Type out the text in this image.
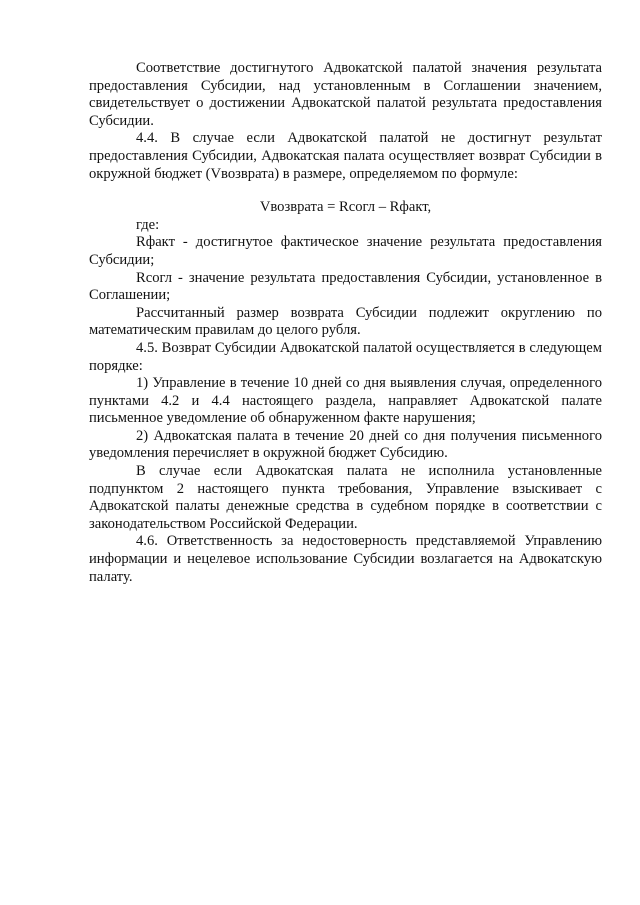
Соответствие достигнутого Адвокатской палатой значения результата предоставления Субсидии, над установленным в Соглашении значением, свидетельствует о достижении Адвокатской палатой результата предоставления Субсидии.

4.4. В случае если Адвокатской палатой не достигнут результат предоставления Субсидии, Адвокатская палата осуществляет возврат Субсидии в окружной бюджет (Vвозврата) в размере, определяемом по формуле:

Vвозврата = Rсогл – Rфакт,

где:

Rфакт - достигнутое фактическое значение результата предоставления Субсидии;

Rсогл - значение результата предоставления Субсидии, установленное в Соглашении;

Рассчитанный размер возврата Субсидии подлежит округлению по математическим правилам до целого рубля.

4.5. Возврат Субсидии Адвокатской палатой осуществляется в следующем порядке:

1) Управление в течение 10 дней со дня выявления случая, определенного пунктами 4.2 и 4.4 настоящего раздела, направляет Адвокатской палате письменное уведомление об обнаруженном факте нарушения;

2) Адвокатская палата в течение 20 дней со дня получения письменного уведомления перечисляет в окружной бюджет Субсидию.

В случае если Адвокатская палата не исполнила установленные подпунктом 2 настоящего пункта требования, Управление взыскивает с Адвокатской палаты денежные средства в судебном порядке в соответствии с законодательством Российской Федерации.

4.6. Ответственность за недостоверность представляемой Управлению информации и нецелевое использование Субсидии возлагается на Адвокатскую палату.
